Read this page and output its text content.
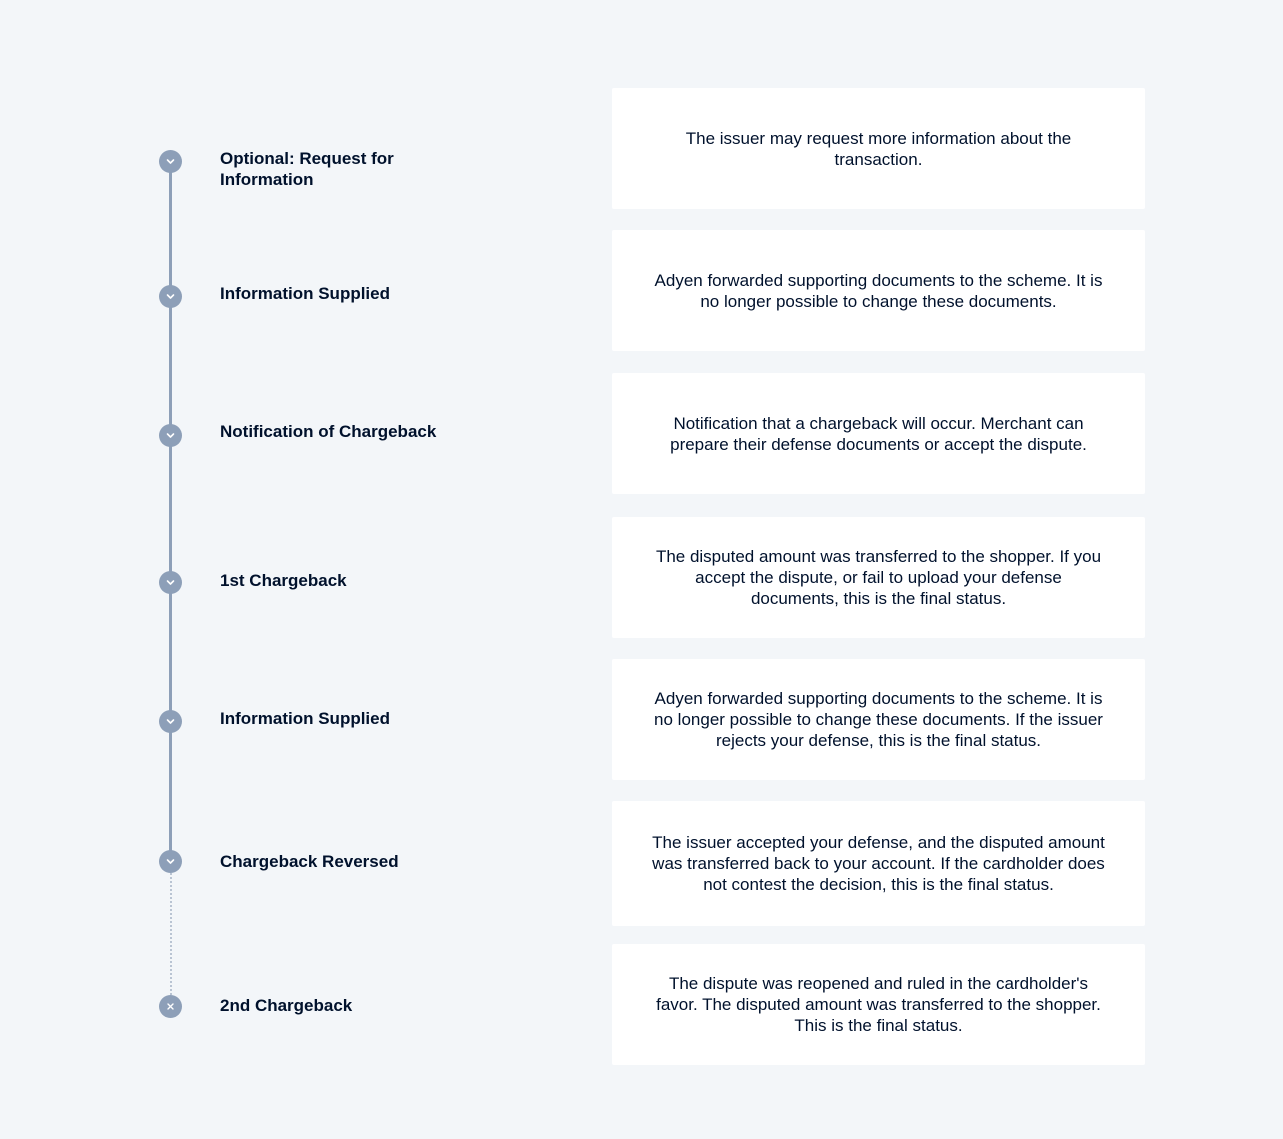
Optional: Request for Information
The issuer may request more information about the transaction.
Information Supplied
Adyen forwarded supporting documents to the scheme. It is no longer possible to change these documents.
Notification of Chargeback	Notification that a chargeback will occur. Merchant can prepare their defense documents or accept the dispute.
1st Chargeback
The disputed amount was transferred to the shopper. If you accept the dispute, or fail to upload your defense documents, this is the final status.
Information Supplied
Adyen forwarded supporting documents to the scheme. It is no longer possible to change these documents. If the issuer rejects your defense, this is the final status.
Chargeback Reversed
The issuer accepted your defense, and the disputed amount was transferred back to your account. If the cardholder does not contest the decision, this is the final status.
2nd Chargeback
The dispute was reopened and ruled in the cardholder's favor. The disputed amount was transferred to the shopper. This is the final status.
